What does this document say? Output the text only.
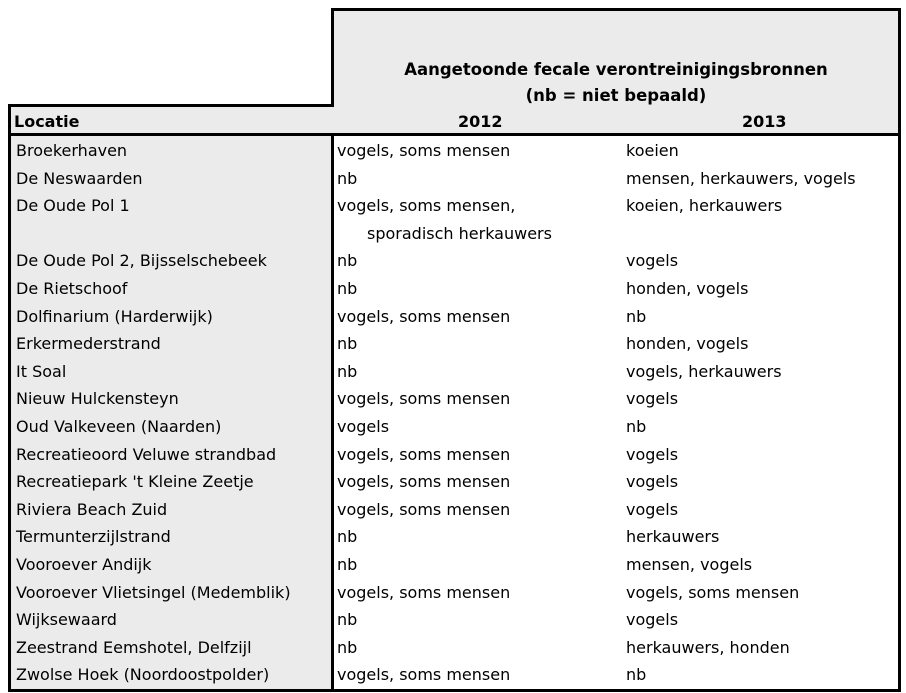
Aangetoonde fecale verontreinigingsbronnen
(nb = niet bepaald)
Locatie	2012	2013
Broekerhaven	vogels, soms mensen	koeien
De Neswaarden	nb	mensen, herkauwers, vogels
De Oude Pol 1	vogels, soms mensen,	koeien, herkauwers
sporadisch herkauwers
De Oude Pol 2, Bijsselschebeek	nb	vogels
De Rietschoof	nb	honden, vogels
Dolfinarium (Harderwijk)	vogels, soms mensen	nb
Erkermederstrand	nb	honden, vogels
It Soal	nb	vogels, herkauwers
Nieuw Hulckensteyn	vogels, soms mensen	vogels
Oud Valkeveen (Naarden)	vogels	nb
Recreatieoord Veluwe strandbad	vogels, soms mensen	vogels
Recreatiepark 't Kleine Zeetje	vogels, soms mensen	vogels
Riviera Beach Zuid	vogels, soms mensen	vogels
Termunterzijlstrand	nb	herkauwers
Vooroever Andijk	nb	mensen, vogels
Vooroever Vlietsingel (Medemblik)	vogels, soms mensen	vogels, soms mensen
Wijksewaard	nb	vogels
Zeestrand Eemshotel, Delfzijl	nb	herkauwers, honden
Zwolse Hoek (Noordoostpolder)	vogels, soms mensen	nb
